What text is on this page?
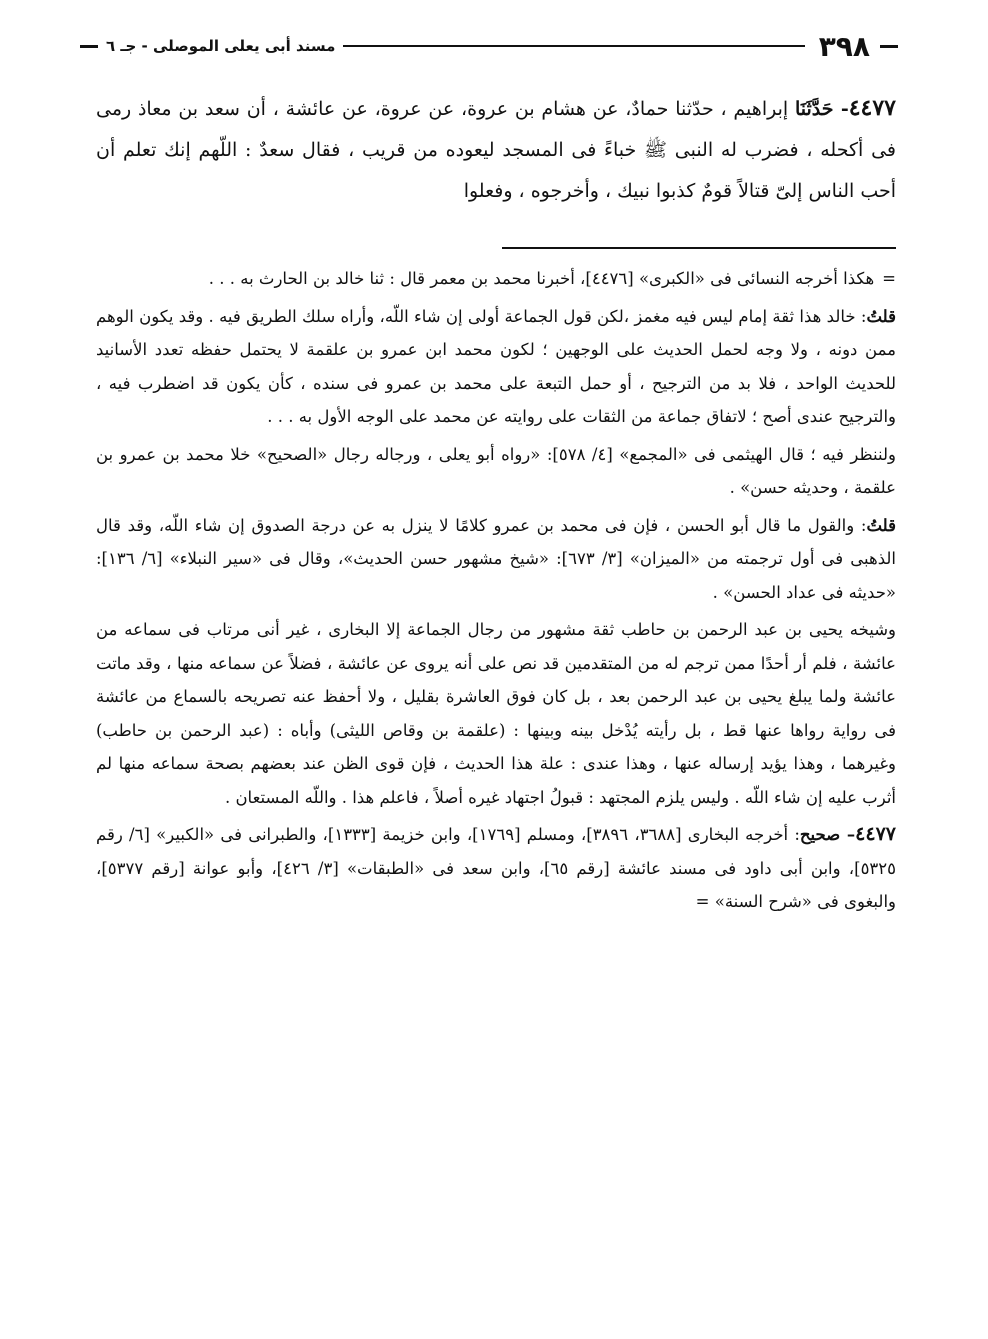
٣٩٨
مسند أبى يعلى الموصلى - جـ ٦

٤٤٧٧- حَدَّثَنَا إبراهيم ، حدّثنا حمادٌ، عن هشام بن عروة، عن عروة، عن عائشة ، أن سعد بن معاذ رمى فى أكحله ، فضرب له النبى ﷺ خباءً فى المسجد ليعوده من قريب ، فقال سعدٌ : اللّهم إنك تعلم أن أحب الناس إلىّ قتالاً قومٌ كذبوا نبيك ، وأخرجوه ، وفعلوا

=هكذا أخرجه النسائى فى «الكبرى» [٤٤٧٦]، أخبرنا محمد بن معمر قال : ثنا خالد بن الحارث به . . .

قلتُ: خالد هذا ثقة إمام ليس فيه مغمز ،لكن قول الجماعة أولى إن شاء اللّه، وأراه سلك الطريق فيه . وقد يكون الوهم ممن دونه ، ولا وجه لحمل الحديث على الوجهين ؛ لكون محمد ابن عمرو بن علقمة لا يحتمل حفظه تعدد الأسانيد للحديث الواحد ، فلا بد من الترجيح ، أو حمل التبعة على محمد بن عمرو فى سنده ، كأن يكون قد اضطرب فيه ، والترجيح عندى أصح ؛ لاتفاق جماعة من الثقات على روايته عن محمد على الوجه الأول به . . .

ولننظر فيه ؛ قال الهيثمى فى «المجمع» [٤/ ٥٧٨]: «رواه أبو يعلى ، ورجاله رجال «الصحيح» خلا محمد بن عمرو بن علقمة ، وحديثه حسن» .

قلتُ: والقول ما قال أبو الحسن ، فإن فى محمد بن عمرو كلامًا لا ينزل به عن درجة الصدوق إن شاء اللّه، وقد قال الذهبى فى أول ترجمته من «الميزان» [٣/ ٦٧٣]: «شيخ مشهور حسن الحديث»، وقال فى «سير النبلاء» [٦/ ١٣٦]: «حديثه فى عداد الحسن» .

وشيخه يحيى بن عبد الرحمن بن حاطب ثقة مشهور من رجال الجماعة إلا البخارى ، غير أنى مرتاب فى سماعه من عائشة ، فلم أر أحدًا ممن ترجم له من المتقدمين قد نص على أنه يروى عن عائشة ، فضلاً عن سماعه منها ، وقد ماتت عائشة ولما يبلغ يحيى بن عبد الرحمن بعد ، بل كان فوق العاشرة بقليل ، ولا أحفظ عنه تصريحه بالسماع من عائشة فى رواية رواها عنها قط ، بل رأيته يُدْخل بينه وبينها : (علقمة بن وقاص الليثى) وأباه : (عبد الرحمن بن حاطب) وغيرهما ، وهذا يؤيد إرساله عنها ، وهذا عندى : علة هذا الحديث ، فإن قوى الظن عند بعضهم بصحة سماعه منها لم أثرب عليه إن شاء اللّه . وليس يلزم المجتهد : قبولُ اجتهاد غيره أصلاً ، فاعلم هذا . واللّه المستعان .

٤٤٧٧– صحيح: أخرجه البخارى [٣٦٨٨، ٣٨٩٦]، ومسلم [١٧٦٩]، وابن خزيمة [١٣٣٣]، والطبرانى فى «الكبير» [٦/ رقم ٥٣٢٥]، وابن أبى داود فى مسند عائشة [رقم ٦٥]، وابن سعد فى «الطبقات» [٣/ ٤٢٦]، وأبو عوانة [رقم ٥٣٧٧]، والبغوى فى «شرح السنة» =
